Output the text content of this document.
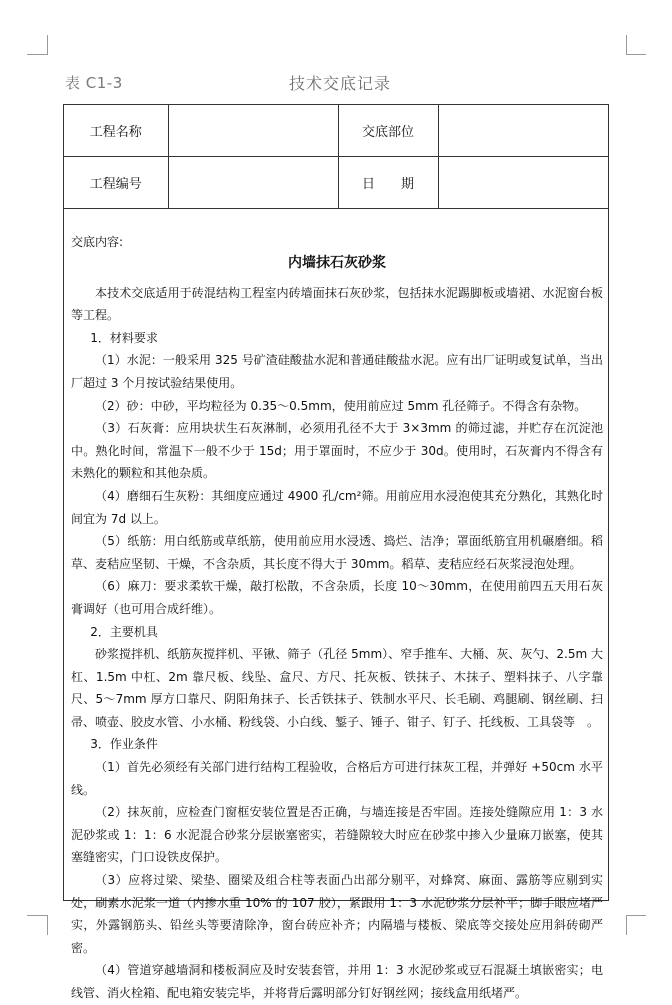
表 C1-3	技术交底记录
工程名称		交底部位	
工程编号		日　　期	
交底内容:
内墙抹石灰砂浆

本技术交底适用于砖混结构工程室内砖墙面抹石灰砂浆，包括抹水泥踢脚板或墙裙、水泥窗台板等工程。

1．材料要求

（1）水泥：一般采用 325 号矿渣硅酸盐水泥和普通硅酸盐水泥。应有出厂证明或复试单，当出厂超过 3 个月按试验结果使用。

（2）砂：中砂，平均粒径为 0.35～0.5mm，使用前应过 5mm 孔径筛子。不得含有杂物。

（3）石灰膏：应用块状生石灰淋制，必须用孔径不大于 3×3mm 的筛过滤，并贮存在沉淀池中。熟化时间，常温下一般不少于 15d；用于罩面时，不应少于 30d。使用时，石灰膏内不得含有未熟化的颗粒和其他杂质。

（4）磨细石生灰粉：其细度应通过 4900 孔/cm²筛。用前应用水浸泡使其充分熟化，其熟化时间宜为 7d 以上。

（5）纸筋：用白纸筋或草纸筋，使用前应用水浸透、捣烂、洁净；罩面纸筋宜用机碾磨细。稻草、麦秸应坚韧、干燥，不含杂质，其长度不得大于 30mm。稻草、麦秸应经石灰浆浸泡处理。

（6）麻刀：要求柔软干燥，敲打松散，不含杂质，长度 10～30mm，在使用前四五天用石灰膏调好（也可用合成纤维）。

2．主要机具

砂浆搅拌机、纸筋灰搅拌机、平锹、筛子（孔径 5mm）、窄手推车、大桶、灰、灰勺、2.5m 大杠、1.5m 中杠、2m 靠尺板、线坠、盒尺、方尺、托灰板、铁抹子、木抹子、塑料抹子、八字靠尺、5～7mm 厚方口靠尺、阴阳角抹子、长舌铁抹子、铁制水平尺、长毛刷、鸡腿刷、钢丝刷、扫帚、喷壶、胶皮水管、小水桶、粉线袋、小白线、錾子、锤子、钳子、钉子、托线板、工具袋等　。

3．作业条件

（1）首先必须经有关部门进行结构工程验收，合格后方可进行抹灰工程，并弹好 +50cm 水平线。

（2）抹灰前，应检查门窗框安装位置是否正确，与墙连接是否牢固。连接处缝隙应用 1：3 水泥砂浆或 1：1：6 水泥混合砂浆分层嵌塞密实，若缝隙较大时应在砂浆中掺入少量麻刀嵌塞，使其塞缝密实，门口设铁皮保护。

（3）应将过梁、梁垫、圈梁及组合柱等表面凸出部分剔平，对蜂窝、麻面、露筋等应剔到实处，刷素水泥浆一道（内掺水重 10% 的 107 胶），紧跟用 1：3 水泥砂浆分层补平；脚手眼应堵严实，外露钢筋头、铅丝头等要清除净，窗台砖应补齐；内隔墙与楼板、梁底等交接处应用斜砖砌严密。

（4）管道穿越墙洞和楼板洞应及时安装套管，并用 1：3 水泥砂浆或豆石混凝土填嵌密实；电线管、消火栓箱、配电箱安装完毕，并将背后露明部分钉好钢丝网；接线盒用纸堵严。
